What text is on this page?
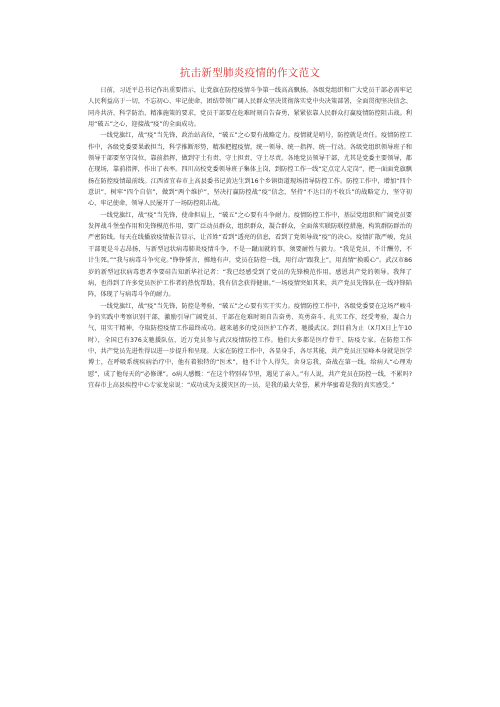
抗击新型肺炎疫情的作文范文

日前，习近平总书记作出重要指示，让党旗在防控疫情斗争第一线高高飘扬。各级党组织和广大党员干部必需牢记人民利益高于一切，不忘初心、牢记使命，团结带领广阔人民群众坚决贯彻落实党中央决策部署，全面贯彻坚决信念、同舟共济、科学防治、精准施策的要求，党员干部要在危难时刻自告奋勇，紧紧依靠人民群众打赢疫情防控阻击战。利用“破五”之心，迎接战“疫”的全面成功。

一线党旗红，战“疫”当先锋，政治站高位，“破五”之心要有战略定力。疫情就是哨号，防控就是责任。疫情防控工作中，各级党委要果敢担当，科学推断形势，精准把握疫情，统一领导、统一指挥、统一行动。各级党组织领导班子和领导干部要坚守岗位，靠前指挥，做到守土有责、守土担责、守土尽责。各地党员领导干部，尤其是党委主要领导，都在现场，靠前指挥，作出了表率。四川高校党委领导班子集体上岗，到防控工作一线“定点定人定岗”，把一面面党旗飘扬在防控疫情最前线。江西省宜春市上高县委书记黄达生到16个乡镇街道现场指导防控工作。防控工作中，增加“四个意识”，树牢“四个自信”，做到“两个维护”，坚决打赢防控战“疫”信念，坚持“不达目的不收兵”的战略定力，坚守初心，牢记使命，领导人民屡开了一场防控阻击战。

一线党旗红，战“疫”当先锋，使命担肩上，“破五”之心要有斗争耐力。疫情防控工作中，基层党组织和广阔党员要发挥战斗堡垒作用和先锋模范作用，要广泛动员群众，组织群众，凝合群众，全面落实联防联控措施，构筑群防群治的严密防线。每天在线播放疫情报告显示，让首姓“看到”透亮的信息，看到了党领导战“疫”的决心。疫情扩散严峻，党员干部更是斗志昂扬，与新型冠状病毒肺炎疫情斗争，不是一蹴而就的事，须要耐性与毅力。“我是党员，不计酬劳，不计生死。”“我与病毒斗争究竟。”铮铮誓言，掷地有声，党员在防控一线，用行动“跟我上”，用真情“换暖心”。武汉市86岁的新型冠状病毒患者李要硅告知新华社记者：“我已经感受到了党员的先锋模范作用。感恩共产党的领导。我拜了病，也得到了许多党员医护工作者的热忱帮助。我有信念获得健康。”一场疫情突如其来，共产党员先锋队在一线冲锋陷阵，体现了与病毒斗争的耐力。

一线党旗红，战“疫”当先锋，防控是考验，“破五”之心要有实干实力。疫情防控工作中，各级党委要在这场严峻斗争的实践中考察识别干部，激励引导广阔党员、干部在危难时刻自告奋勇、英勇奋斗、扎实工作，经受考验，凝合力气，用实干精神，夺取防控疫情工作最终成功。越来越多的党员医护工作者，驰援武汉。到目前为止（X月X日上午10时），全国已有376支驰援队伍，近万党员参与武汉疫情防控工作。他们大多都是医疗骨干、防疫专家。在防控工作中，共产党员先进性得以进一步提升和呈现。大家在防控工作中，各显身手，各尽其能，共产党员汪星峰本身就是医学博士，在呼吸系统疾病治疗中，他有着独特的“医术”，他不计个人得失，舍身忘我，奋战在第一线。给病人“心理劝慰”，成了他每天的“必修课”。o病人感慨：“在这个特别春节里，遇见了亲人。”有人说，共产党员在防控一线，不累吗?宜春市上高县疾控中心专家龙泉说：“成功成为支援灾区的一员，是我的最大荣誉，累并华蜜着是我的真实感受。”
